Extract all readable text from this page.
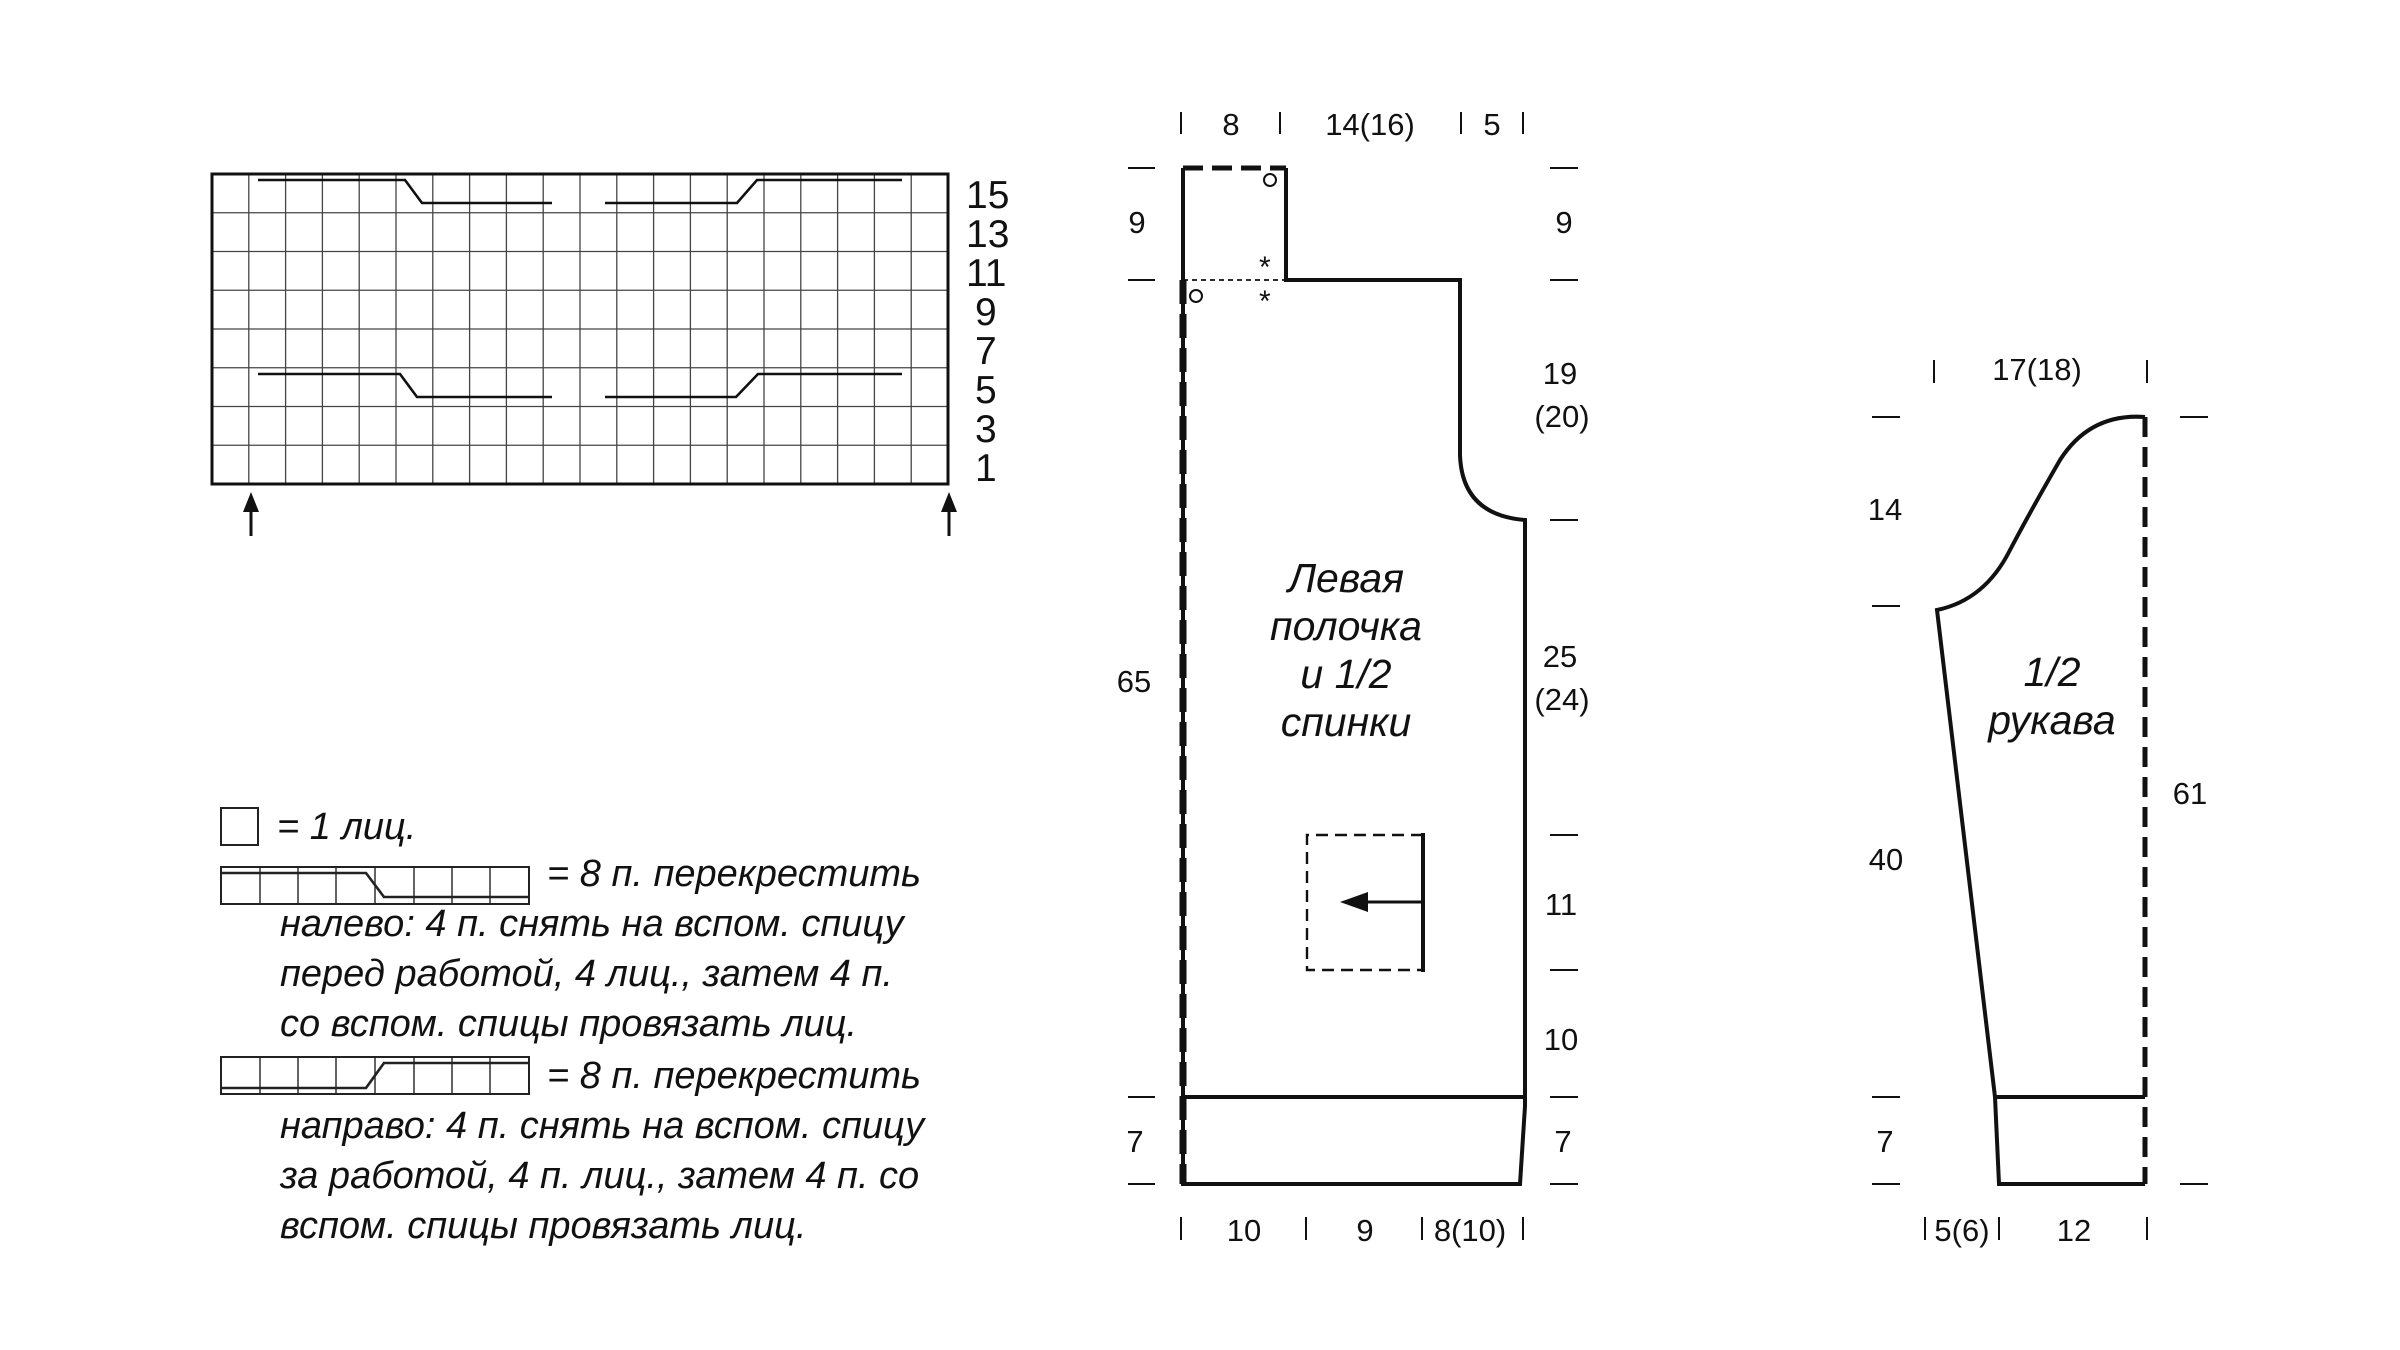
15
13
11
9
7
5
3
1
= 1 лиц.
= 8 п. перекрестить
налево: 4 п. снять на вспом. спицу
перед работой, 4 лиц., затем 4 п.
со вспом. спицы провязать лиц.
= 8 п. перекрестить
направо: 4 п. снять на вспом. спицу
за работой, 4 п. лиц., затем 4 п. со
вспом. спицы провязать лиц.
*
*
Левая
полочка
и 1/2
спинки
8	14(16) 5
9
65
7
9
19
(20)
25
(24)
11
10
7
10	9 8(10)
1/2
рукава
17(18)
14
40
7
61
5(6) 12
